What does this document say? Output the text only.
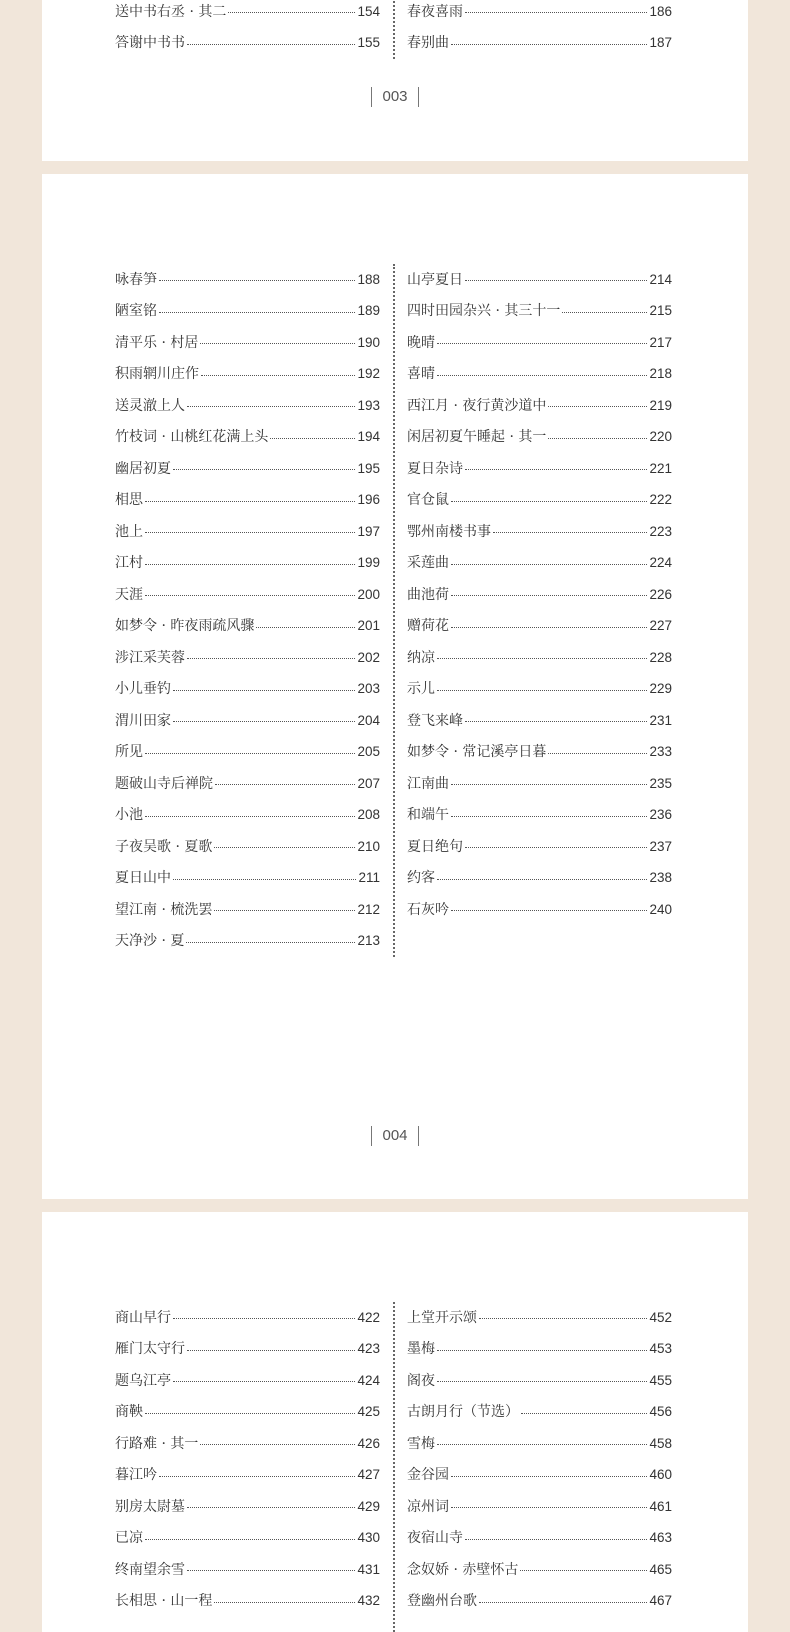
送中书右丞 · 其二	154
答谢中书书	155
春夜喜雨	186
春别曲	187
003
咏春笋	188
陋室铭	189
清平乐 · 村居	190
积雨辋川庄作	192
送灵澈上人	193
竹枝词 · 山桃红花满上头	194
幽居初夏	195
相思	196
池上	197
江村	199
天涯	200
如梦令 · 昨夜雨疏风骤	201
涉江采芙蓉	202
小儿垂钓	203
渭川田家	204
所见	205
题破山寺后禅院	207
小池	208
子夜吴歌 · 夏歌	210
夏日山中	211
望江南 · 梳洗罢	212
天净沙 · 夏	213
山亭夏日	214
四时田园杂兴 · 其三十一	215
晚晴	217
喜晴	218
西江月 · 夜行黄沙道中	219
闲居初夏午睡起 · 其一	220
夏日杂诗	221
官仓鼠	222
鄂州南楼书事	223
采莲曲	224
曲池荷	226
赠荷花	227
纳凉	228
示儿	229
登飞来峰	231
如梦令 · 常记溪亭日暮	233
江南曲	235
和端午	236
夏日绝句	237
约客	238
石灰吟	240
004
商山早行	422
雁门太守行	423
题乌江亭	424
商鞅	425
行路难 · 其一	426
暮江吟	427
别房太尉墓	429
已凉	430
终南望余雪	431
长相思 · 山一程	432
上堂开示颂	452
墨梅	453
阁夜	455
古朗月行（节选）	456
雪梅	458
金谷园	460
凉州词	461
夜宿山寺	463
念奴娇 · 赤壁怀古	465
登幽州台歌	467
